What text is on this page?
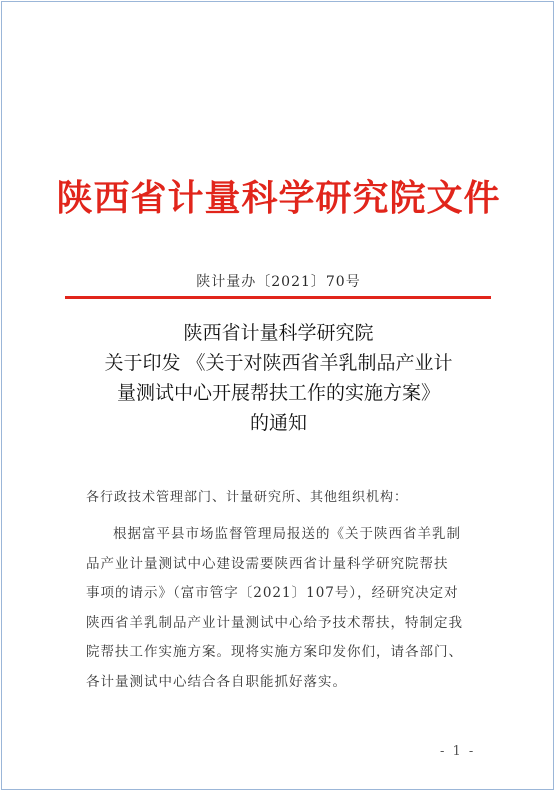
陕西省计量科学研究院文件
陕计量办〔2021〕70号
陕西省计量科学研究院
关于印发 《关于对陕西省羊乳制品产业计
量测试中心开展帮扶工作的实施方案》
的通知
各行政技术管理部门、计量研究所、其他组织机构：
根据富平县市场监督管理局报送的《关于陕西省羊乳制
品产业计量测试中心建设需要陕西省计量科学研究院帮扶
事项的请示》（富市管字〔2021〕107号），经研究决定对
陕西省羊乳制品产业计量测试中心给予技术帮扶，特制定我
院帮扶工作实施方案。现将实施方案印发你们，请各部门、
各计量测试中心结合各自职能抓好落实。
- 1 -
